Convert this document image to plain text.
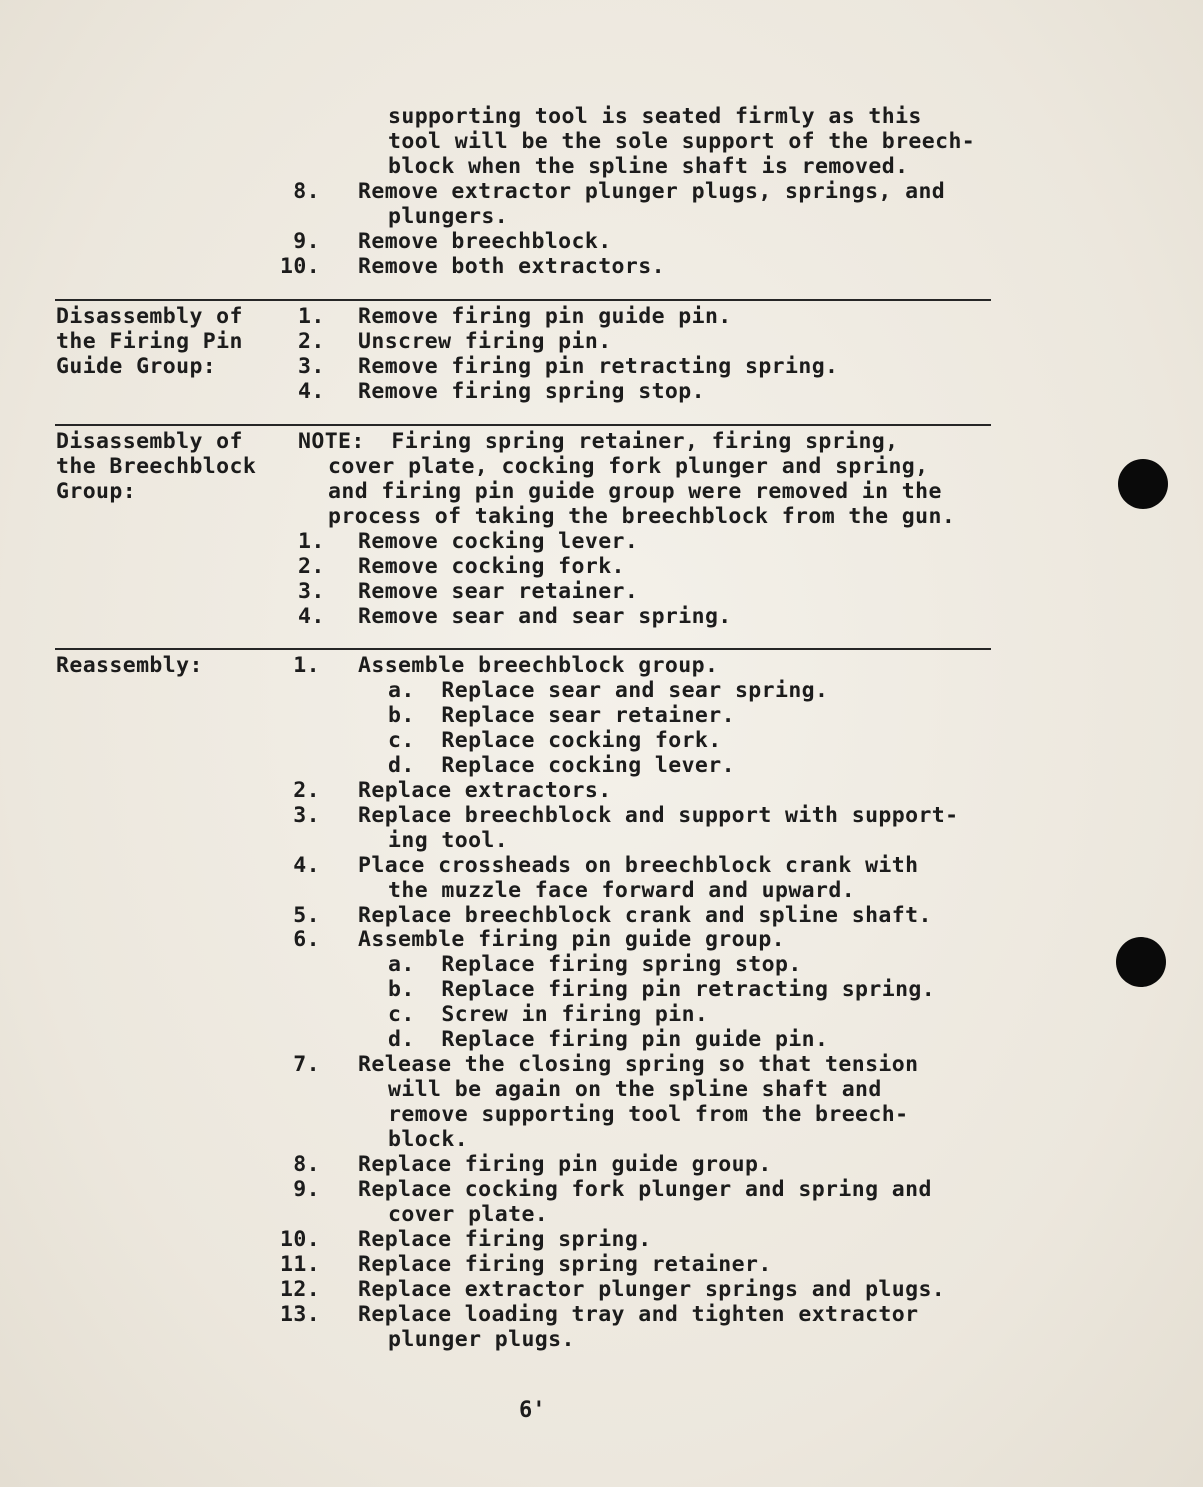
supporting tool is seated firmly as this
tool will be the sole support of the breech-
block when the spline shaft is removed.
8. Remove extractor plunger plugs, springs, and
plungers.
9. Remove breechblock.
10. Remove both extractors.
Disassembly of
the Firing Pin
Guide Group:
1. Remove firing pin guide pin.
2. Unscrew firing pin.
3. Remove firing pin retracting spring.
4. Remove firing spring stop.
Disassembly of
the Breechblock
Group:
NOTE:  Firing spring retainer, firing spring,
cover plate, cocking fork plunger and spring,
and firing pin guide group were removed in the
process of taking the breechblock from the gun.
1. Remove cocking lever.
2. Remove cocking fork.
3. Remove sear retainer.
4. Remove sear and sear spring.
Reassembly:	1. Assemble breechblock group.
a.  Replace sear and sear spring.
b.  Replace sear retainer.
c.  Replace cocking fork.
d.  Replace cocking lever.
2. Replace extractors.
3. Replace breechblock and support with support-
ing tool.
4. Place crossheads on breechblock crank with
the muzzle face forward and upward.
5. Replace breechblock crank and spline shaft.
6. Assemble firing pin guide group.
a.  Replace firing spring stop.
b.  Replace firing pin retracting spring.
c.  Screw in firing pin.
d.  Replace firing pin guide pin.
7. Release the closing spring so that tension
will be again on the spline shaft and
remove supporting tool from the breech-
block.
8. Replace firing pin guide group.
9. Replace cocking fork plunger and spring and
cover plate.
10. Replace firing spring.
11. Replace firing spring retainer.
12. Replace extractor plunger springs and plugs.
13. Replace loading tray and tighten extractor
plunger plugs.
6'
